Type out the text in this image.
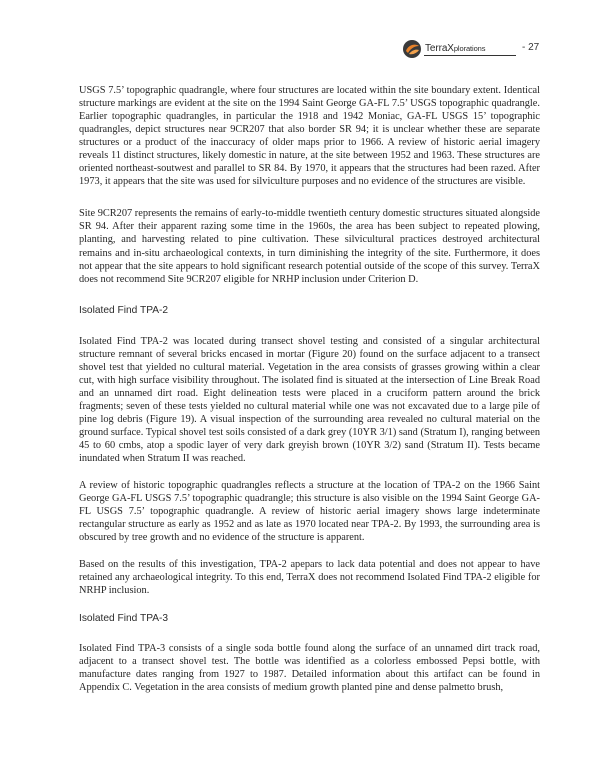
TerraXplorations	- 27

USGS 7.5’ topographic quadrangle, where four structures are located within the site boundary extent. Identical structure markings are evident at the site on the 1994 Saint George GA-FL 7.5’ USGS topographic quadrangle. Earlier topographic quadrangles, in particular the 1918 and 1942 Moniac, GA-FL USGS 15’ topographic quadrangles, depict structures near 9CR207 that also border SR 94; it is unclear whether these are separate structures or a product of the inaccuracy of older maps prior to 1966. A review of historic aerial imagery reveals 11 distinct structures, likely domestic in nature, at the site between 1952 and 1963. These structures are oriented northeast-soutwest and parallel to SR 84. By 1970, it appears that the structures had been razed. After 1973, it appears that the site was used for silviculture purposes and no evidence of the structures are visible.

Site 9CR207 represents the remains of early-to-middle twentieth century domestic structures situated alongside SR 94. After their apparent razing some time in the 1960s, the area has been subject to repeated plowing, planting, and harvesting related to pine cultivation. These silvicultural practices destroyed architectural remains and in-situ archaeological contexts, in turn diminishing the integrity of the site. Furthermore, it does not appear that the site appears to hold significant research potential outside of the scope of this survey. TerraX does not recommend Site 9CR207 eligible for NRHP inclusion under Criterion D.

Isolated Find TPA-2

Isolated Find TPA-2 was located during transect shovel testing and consisted of a singular architectural structure remnant of several bricks encased in mortar (Figure 20) found on the surface adjacent to a transect shovel test that yielded no cultural material. Vegetation in the area consists of grasses growing within a clear cut, with high surface visibility throughout. The isolated find is situated at the intersection of Line Break Road and an unnamed dirt road. Eight delineation tests were placed in a cruciform pattern around the brick fragments; seven of these tests yielded no cultural material while one was not excavated due to a large pile of pine log debris (Figure 19). A visual inspection of the surrounding area revealed no cultural material on the ground surface. Typical shovel test soils consisted of a dark grey (10YR 3/1) sand (Stratum I), ranging between 45 to 60 cmbs, atop a spodic layer of very dark greyish brown (10YR 3/2) sand (Stratum II). Tests became inundated when Stratum II was reached.

A review of historic topographic quadrangles reflects a structure at the location of TPA-2 on the 1966 Saint George GA-FL USGS 7.5’ topographic quadrangle; this structure is also visible on the 1994 Saint George GA-FL USGS 7.5’ topographic quadrangle. A review of historic aerial imagery shows large indeterminate rectangular structure as early as 1952 and as late as 1970 located near TPA-2. By 1993, the surrounding area is obscured by tree growth and no evidence of the structure is apparent.

Based on the results of this investigation, TPA-2 apepars to lack data potential and does not appear to have retained any archaeological integrity. To this end, TerraX does not recommend Isolated Find TPA-2 eligible for NRHP inclusion.

Isolated Find TPA-3

Isolated Find TPA-3 consists of a single soda bottle found along the surface of an unnamed dirt track road, adjacent to a transect shovel test. The bottle was identified as a colorless embossed Pepsi bottle, with manufacture dates ranging from 1927 to 1987. Detailed information about this artifact can be found in Appendix C. Vegetation in the area consists of medium growth planted pine and dense palmetto brush,
